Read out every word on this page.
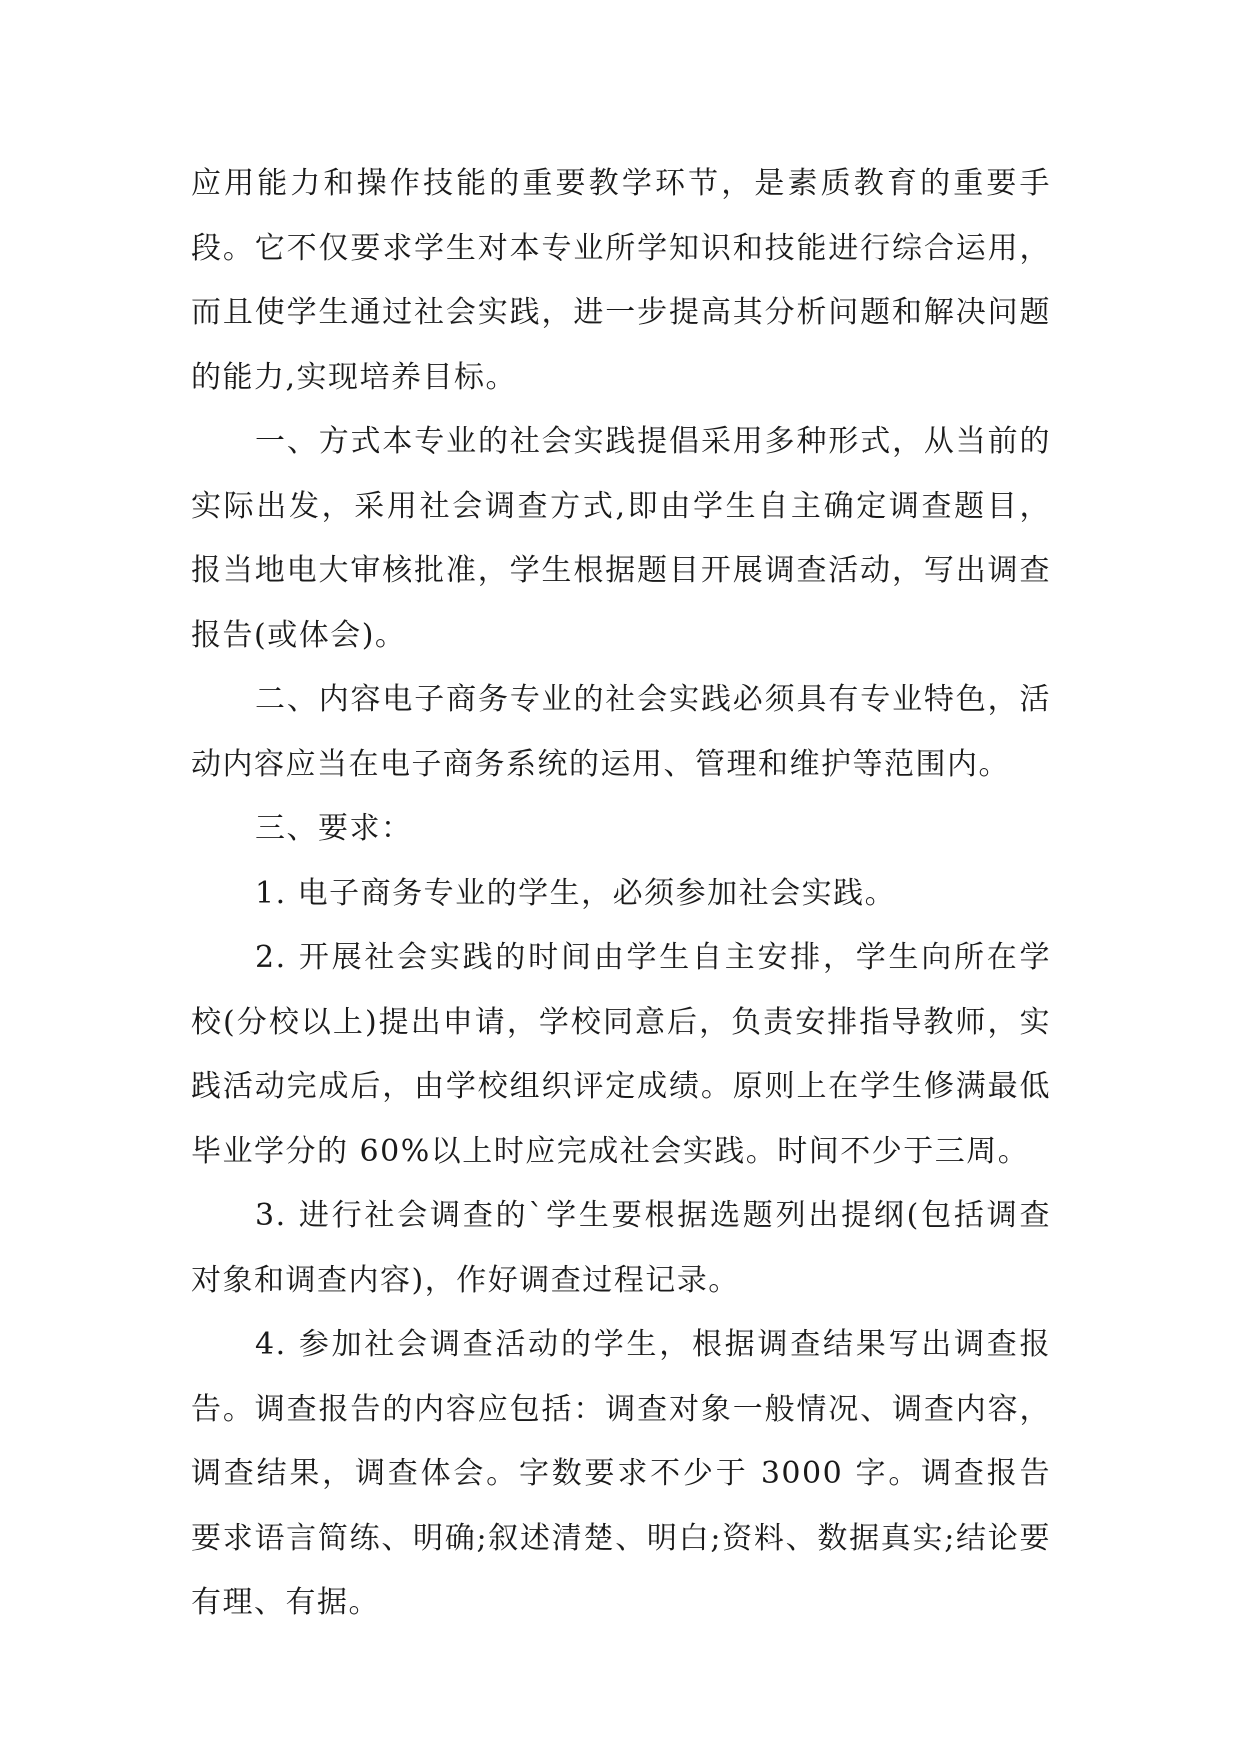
应用能力和操作技能的重要教学环节，是素质教育的重要手段。它不仅要求学生对本专业所学知识和技能进行综合运用，而且使学生通过社会实践，进一步提高其分析问题和解决问题的能力,实现培养目标。

一、方式本专业的社会实践提倡采用多种形式，从当前的实际出发，采用社会调查方式,即由学生自主确定调查题目，报当地电大审核批准，学生根据题目开展调查活动，写出调查报告(或体会)。

二、内容电子商务专业的社会实践必须具有专业特色，活动内容应当在电子商务系统的运用、管理和维护等范围内。

三、要求：

1. 电子商务专业的学生，必须参加社会实践。

2. 开展社会实践的时间由学生自主安排，学生向所在学校(分校以上)提出申请，学校同意后，负责安排指导教师，实践活动完成后，由学校组织评定成绩。原则上在学生修满最低毕业学分的 60%以上时应完成社会实践。时间不少于三周。

3. 进行社会调查的`学生要根据选题列出提纲(包括调查对象和调查内容)，作好调查过程记录。

4. 参加社会调查活动的学生，根据调查结果写出调查报告。调查报告的内容应包括：调查对象一般情况、调查内容，调查结果，调查体会。字数要求不少于 3000 字。调查报告要求语言简练、明确;叙述清楚、明白;资料、数据真实;结论要有理、有据。
